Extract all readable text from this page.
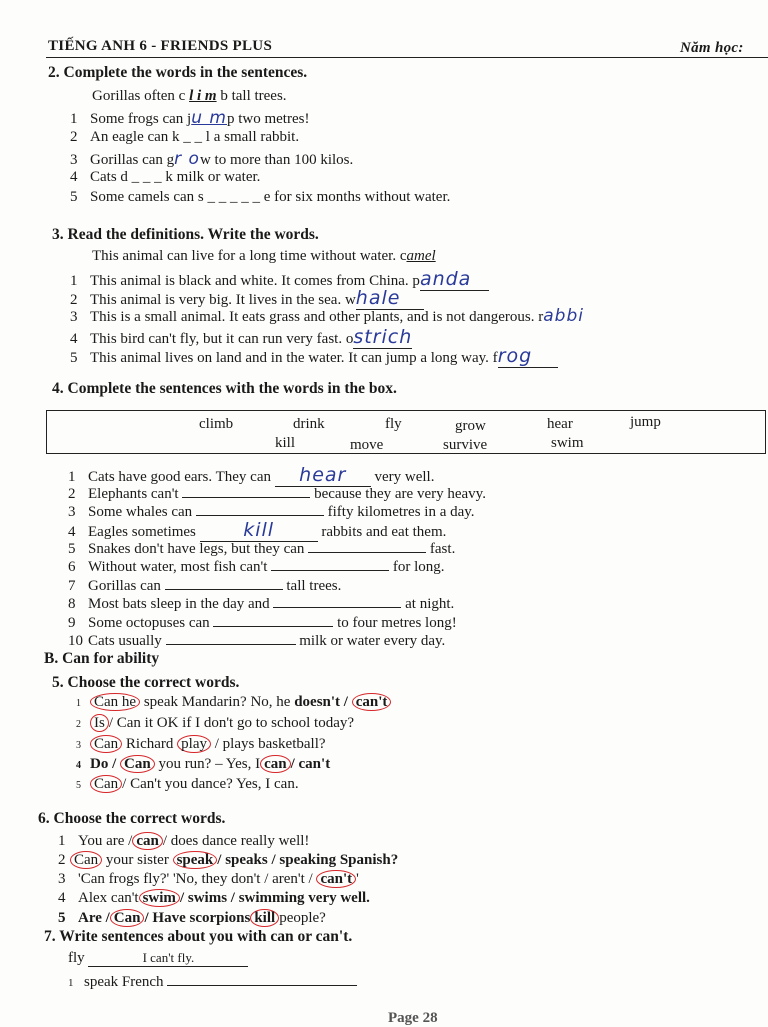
TIẾNG ANH 6 - FRIENDS PLUS	Năm học:
2. Complete the words in the sentences.
Gorillas often c l i m b tall trees.
1 Some frogs can ju mp two metres!
2 An eagle can k _ _ l a small rabbit.
3 Gorillas can gr ow to more than 100 kilos.
4 Cats d _ _ _ k milk or water.
5 Some camels can s _ _ _ _ _ e for six months without water.
3. Read the definitions. Write the words.
This animal can live for a long time without water. camel
1 This animal is black and white. It comes from China. panda
2 This animal is very big. It lives in the sea. whale
3 This is a small animal. It eats grass and other plants, and is not dangerous. rabbi
4 This bird can't fly, but it can run very fast. ostrich
5 This animal lives on land and in the water. It can jump a long way. frog
4. Complete the sentences with the words in the box.
climb	drink	fly	grow	hear	jump
kill	move	survive	swim
1 Cats have good ears. They can hear very well.
2 Elephants can't	because they are very heavy.
3 Some whales can	fifty kilometres in a day.
4 Eagles sometimes kill	rabbits and eat them.
5 Snakes don't have legs, but they can	fast.
6 Without water, most fish can't	for long.
7 Gorillas can	tall trees.
8 Most bats sleep in the day and	at night.
9 Some octopuses can	to four metres long!
10 Cats usually	milk or water every day.
B. Can for ability
5. Choose the correct words.
1 Can he speak Mandarin? No, he doesn't / can't
2 Is / Can it OK if I don't go to school today?
3 Can Richard play / plays basketball?
4 Do / Can you run? – Yes, I can / can't
5 Can / Can't you dance? Yes, I can.
6. Choose the correct words.
1 You are / can / does dance really well!
2 Can your sister speak / speaks / speaking Spanish?
3 'Can frogs fly?' 'No, they don't / aren't / can't '
4 Alex can't swim / swims / swimming very well.
5 Are / Can / Have scorpions kill people?
7. Write sentences about you with can or can't.
fly	I can't fly.
1 speak French
Page 28
